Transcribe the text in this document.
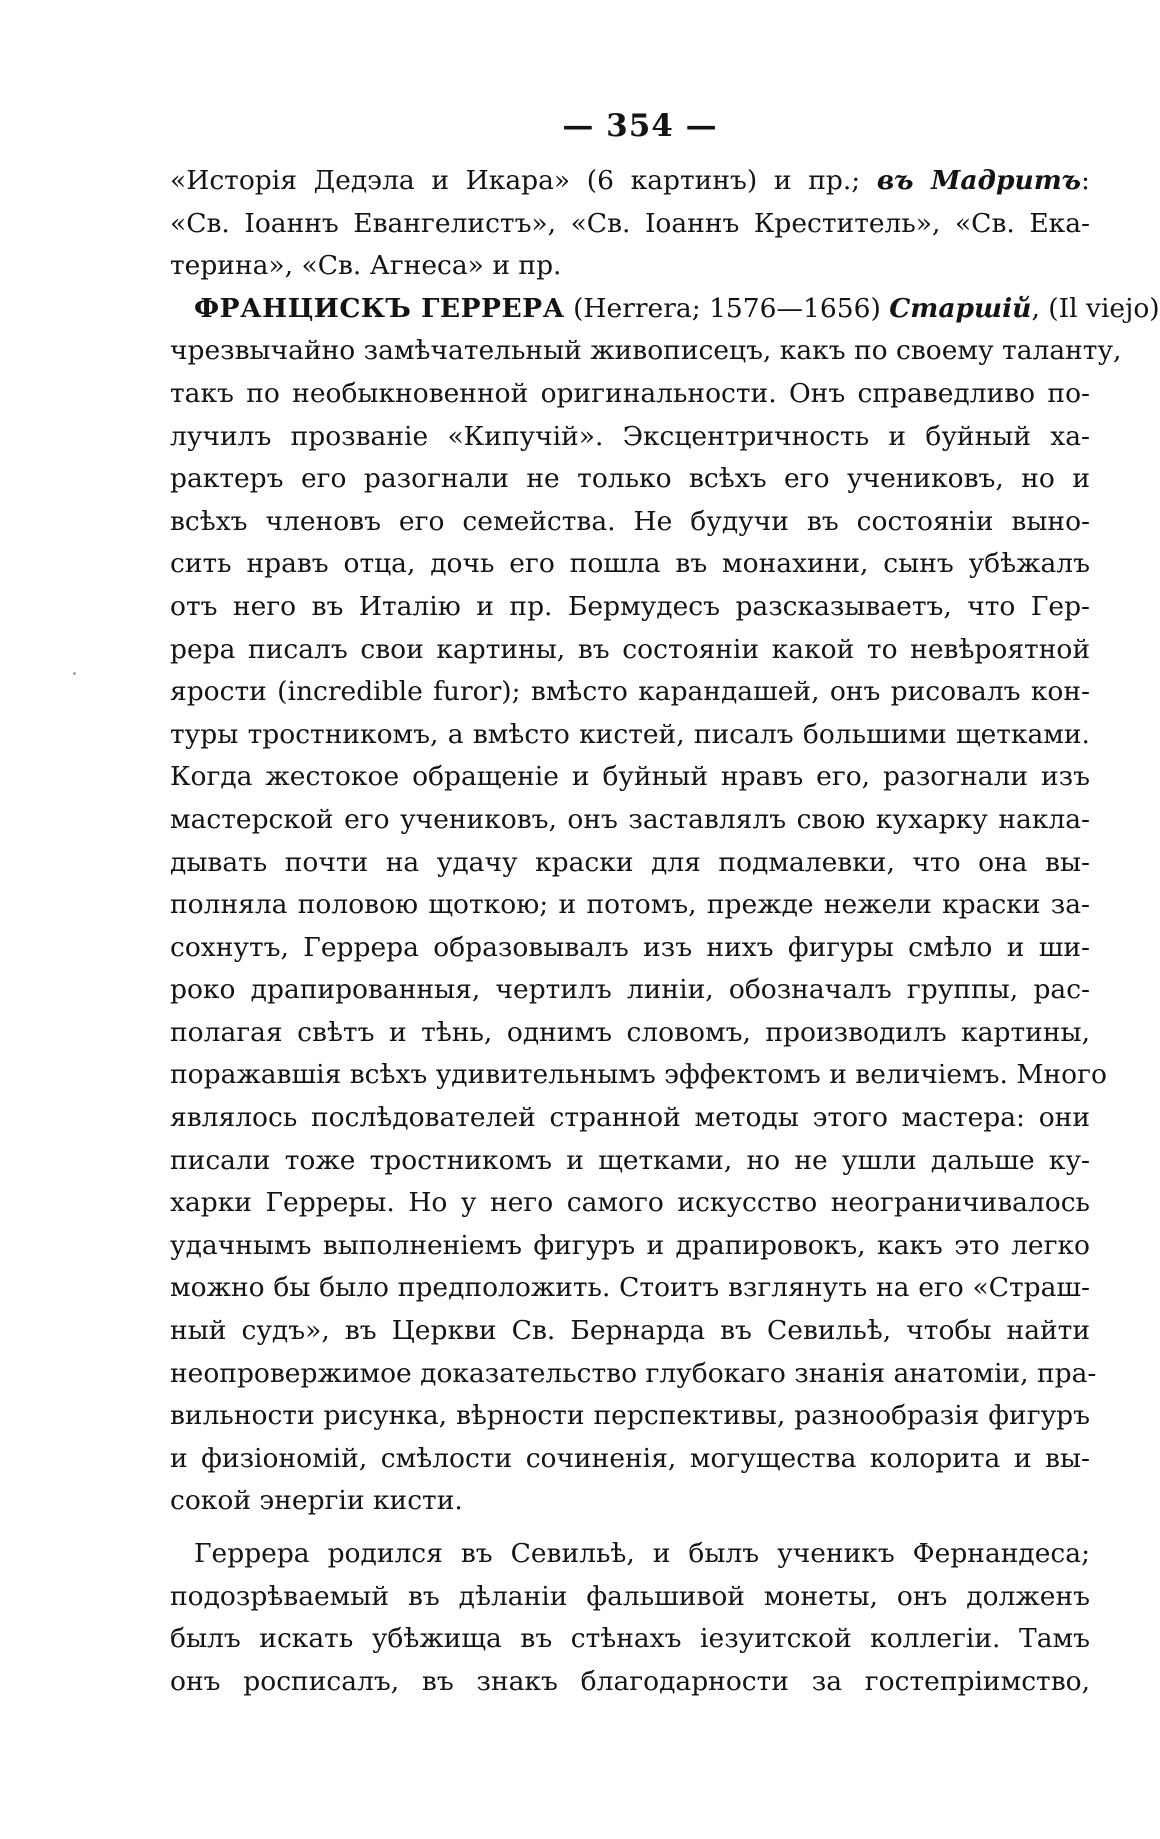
·
— 354 —
«Исторія Дедэла и Икара» (6 картинъ) и пр.; въ Мадритъ:
«Св. Іоаннъ Евангелистъ», «Св. Іоаннъ Креститель», «Св. Ека-
терина», «Св. Агнеса» и пр.
ФРАНЦИСКЪ ГЕРРЕРА (Herrera; 1576—1656) Старшій, (Il viejo)
чрезвычайно замѣчательный живописецъ, какъ по своему таланту,
такъ по необыкновенной оригинальности. Онъ справедливо по-
лучилъ прозваніе «Кипучій». Эксцентричность и буйный ха-
рактеръ его разогнали не только всѣхъ его учениковъ, но и
всѣхъ членовъ его семейства. Не будучи въ состояніи выно-
сить нравъ отца, дочь его пошла въ монахини, сынъ убѣжалъ
отъ него въ Италію и пр. Бермудесъ разсказываетъ, что Гер-
рера писалъ свои картины, въ состояніи какой то невѣроятной
ярости (incredible furor); вмѣсто карандашей, онъ рисовалъ кон-
туры тростникомъ, а вмѣсто кистей, писалъ большими щетками.
Когда жестокое обращеніе и буйный нравъ его, разогнали изъ
мастерской его учениковъ, онъ заставлялъ свою кухарку накла-
дывать почти на удачу краски для подмалевки, что она вы-
полняла половою щоткою; и потомъ, прежде нежели краски за-
сохнутъ, Геррера образовывалъ изъ нихъ фигуры смѣло и ши-
роко драпированныя, чертилъ линіи, обозначалъ группы, рас-
полагая свѣтъ и тѣнь, однимъ словомъ, производилъ картины,
поражавшія всѣхъ удивительнымъ эффектомъ и величіемъ. Много
являлось послѣдователей странной методы этого мастера: они
писали тоже тростникомъ и щетками, но не ушли дальше ку-
харки Герреры. Но у него самого искусство неограничивалось
удачнымъ выполненіемъ фигуръ и драпировокъ, какъ это легко
можно бы было предположить. Стоитъ взглянуть на его «Страш-
ный судъ», въ Церкви Св. Бернарда въ Севильѣ, чтобы найти
неопровержимое доказательство глубокаго знанія анатоміи, пра-
вильности рисунка, вѣрности перспективы, разнообразія фигуръ
и физіономій, смѣлости сочиненія, могущества колорита и вы-
сокой энергіи кисти.
Геррера родился въ Севильѣ, и былъ ученикъ Фернандеса;
подозрѣваемый въ дѣланіи фальшивой монеты, онъ долженъ
былъ искать убѣжища въ стѣнахъ іезуитской коллегіи. Тамъ
онъ росписалъ, въ знакъ благодарности за гостепріимство,
